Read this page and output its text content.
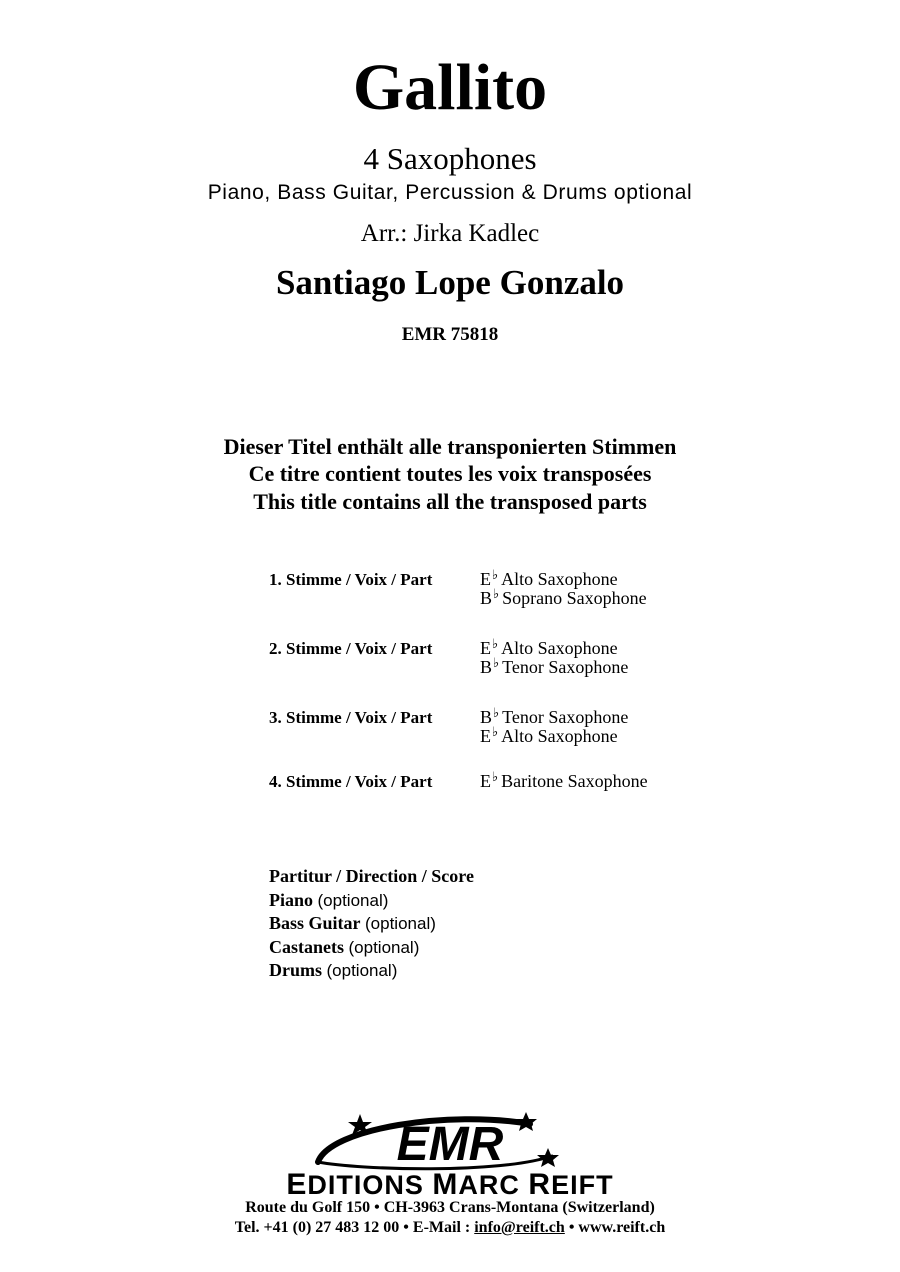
Gallito
4 Saxophones
Piano, Bass Guitar, Percussion & Drums optional
Arr.: Jirka Kadlec
Santiago Lope Gonzalo
EMR 75818
Dieser Titel enthält alle transponierten Stimmen
Ce titre contient toutes les voix transposées
This title contains all the transposed parts
1. Stimme / Voix / Part	E♭ Alto Saxophone
B♭ Soprano Saxophone
2. Stimme / Voix / Part	E♭ Alto Saxophone
B♭ Tenor Saxophone
3. Stimme / Voix / Part	B♭ Tenor Saxophone
E♭ Alto Saxophone
4. Stimme / Voix / Part	E♭ Baritone Saxophone
Partitur / Direction / Score
Piano (optional)
Bass Guitar (optional)
Castanets (optional)
Drums (optional)
EMR
EDITIONS MARC REIFT
Route du Golf 150 • CH-3963 Crans-Montana (Switzerland)
Tel. +41 (0) 27 483 12 00 • E-Mail : info@reift.ch • www.reift.ch
